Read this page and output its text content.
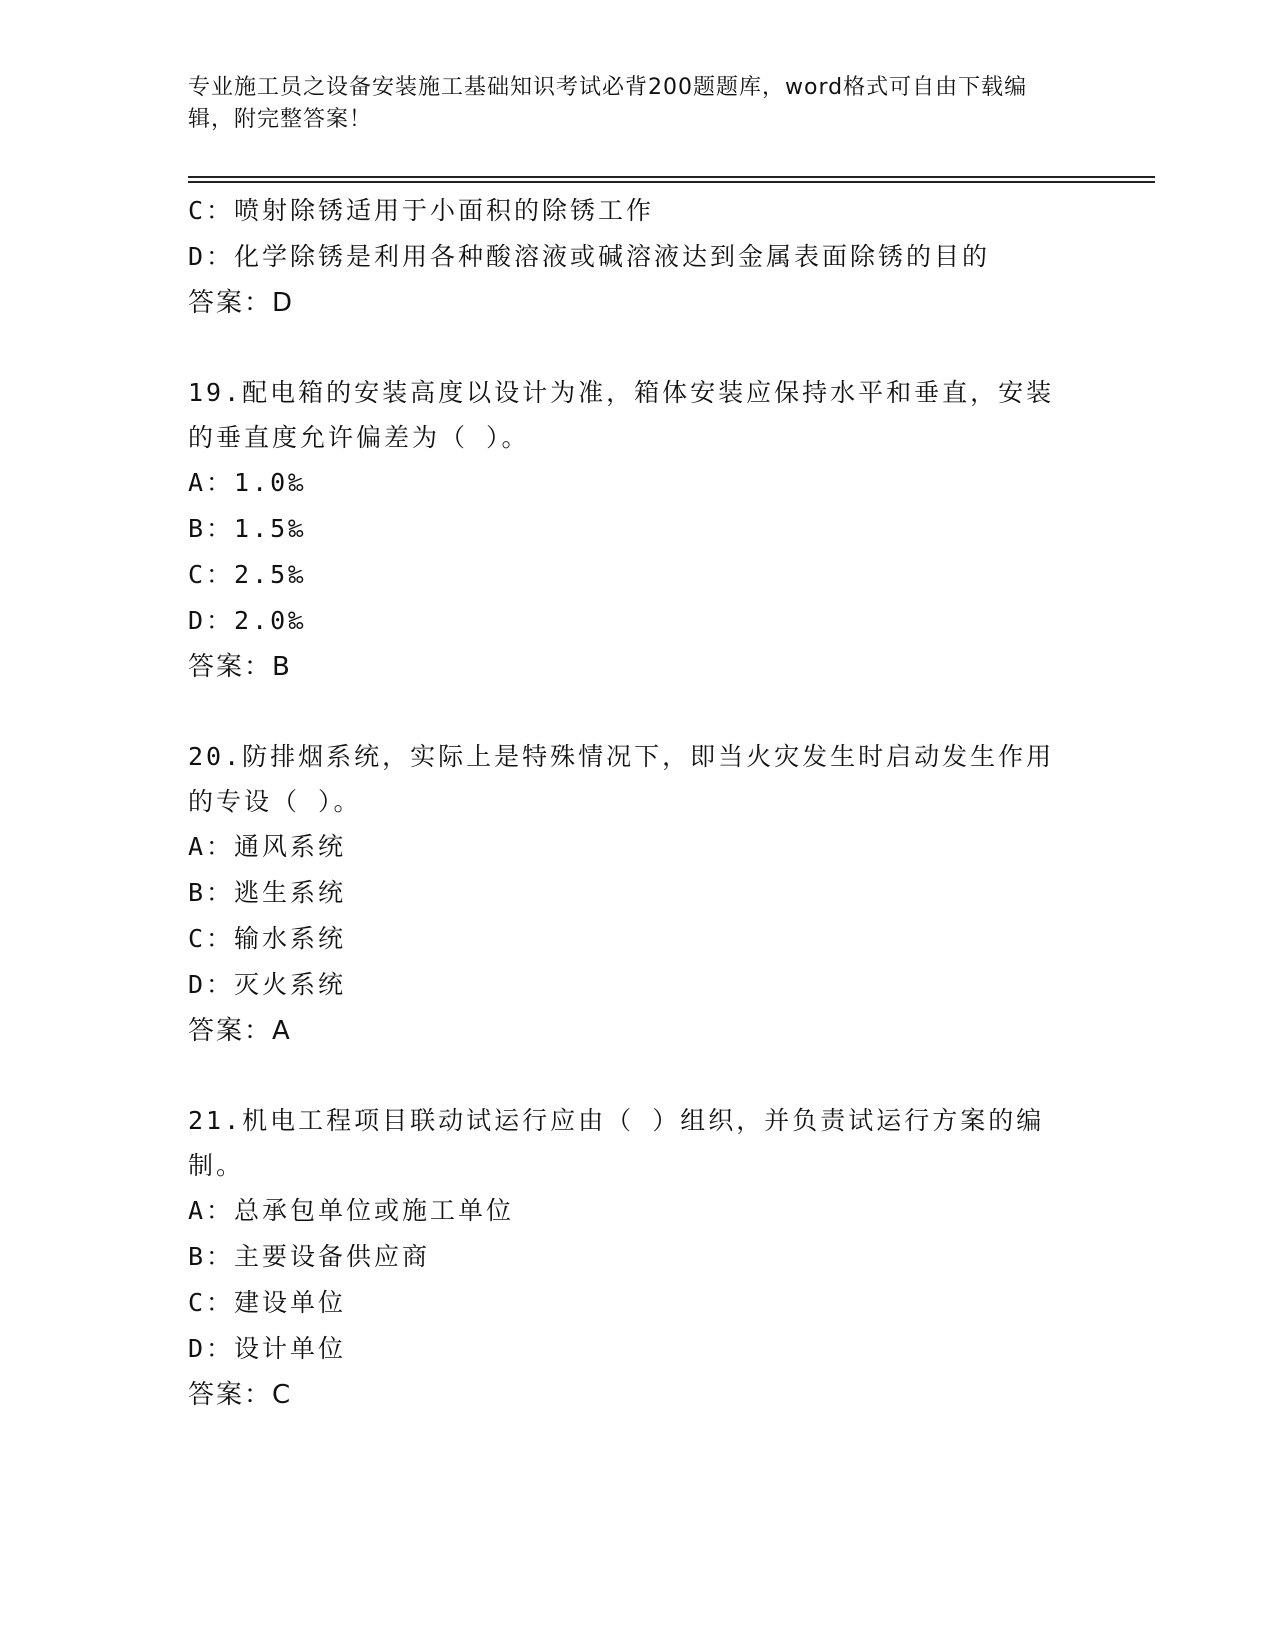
专业施工员之设备安装施工基础知识考试必背200题题库，word格式可自由下载编辑，附完整答案！
C：喷射除锈适用于小面积的除锈工作
D：化学除锈是利用各种酸溶液或碱溶液达到金属表面除锈的目的
答案：D
19.配电箱的安装高度以设计为准，箱体安装应保持水平和垂直，安装的垂直度允许偏差为（ ）。
A：1.0‰
B：1.5‰
C：2.5‰
D：2.0‰
答案：B
20.防排烟系统，实际上是特殊情况下，即当火灾发生时启动发生作用的专设（ ）。
A：通风系统
B：逃生系统
C：输水系统
D：灭火系统
答案：A
21.机电工程项目联动试运行应由（ ）组织，并负责试运行方案的编制。
A：总承包单位或施工单位
B：主要设备供应商
C：建设单位
D：设计单位
答案：C
